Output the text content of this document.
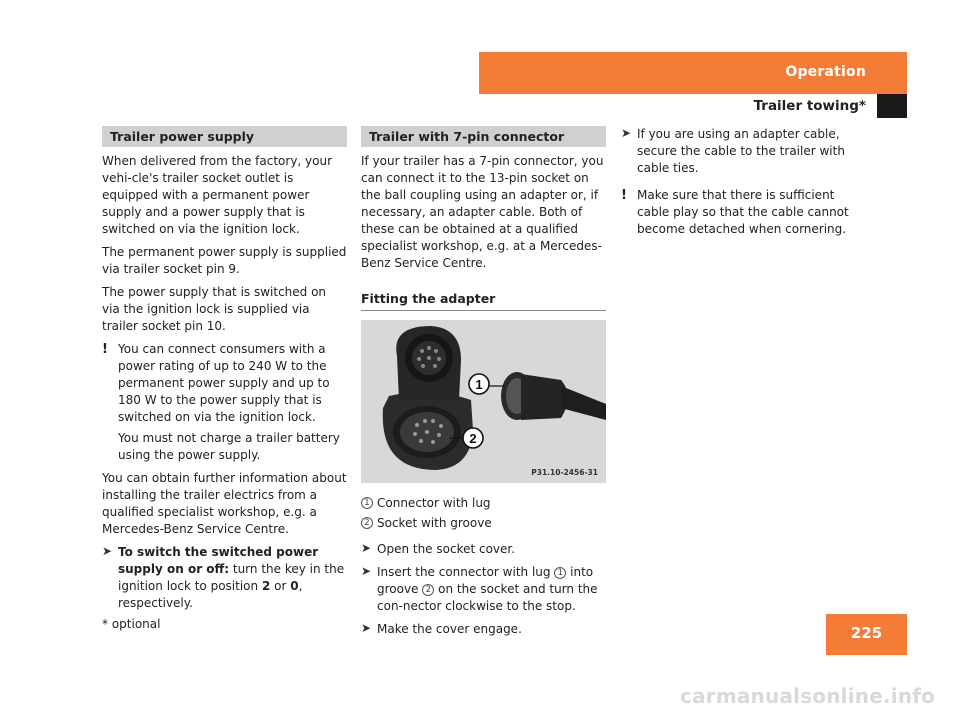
Operation
Trailer towing*
Trailer power supply

When delivered from the factory, your vehi-cle's trailer socket outlet is equipped with a permanent power supply and a power supply that is switched on via the ignition lock.

The permanent power supply is supplied via trailer socket pin 9.

The power supply that is switched on via the ignition lock is supplied via trailer socket pin 10.

! You can connect consumers with a power rating of up to 240 W to the permanent power supply and up to 180 W to the power supply that is switched on via the ignition lock.

You must not charge a trailer battery using the power supply.

You can obtain further information about installing the trailer electrics from a qualified specialist workshop, e.g. a Mercedes-Benz Service Centre.

➤ To switch the switched power supply on or off: turn the key in the ignition lock to position 2 or 0, respectively.
Trailer with 7-pin connector

If your trailer has a 7-pin connector, you can connect it to the 13-pin socket on the ball coupling using an adapter or, if necessary, an adapter cable. Both of these can be obtained at a qualified specialist workshop, e.g. at a Mercedes-Benz Service Centre.

Fitting the adapter
1
2
P31.10-2456-31
1 Connector with lug
2 Socket with groove
➤ Open the socket cover.
➤ Insert the connector with lug 1 into groove 2 on the socket and turn the con-nector clockwise to the stop.
➤ Make the cover engage.
➤ If you are using an adapter cable, secure the cable to the trailer with cable ties.
! Make sure that there is sufficient cable play so that the cable cannot become detached when cornering.

* optional	225
carmanualsonline.info
